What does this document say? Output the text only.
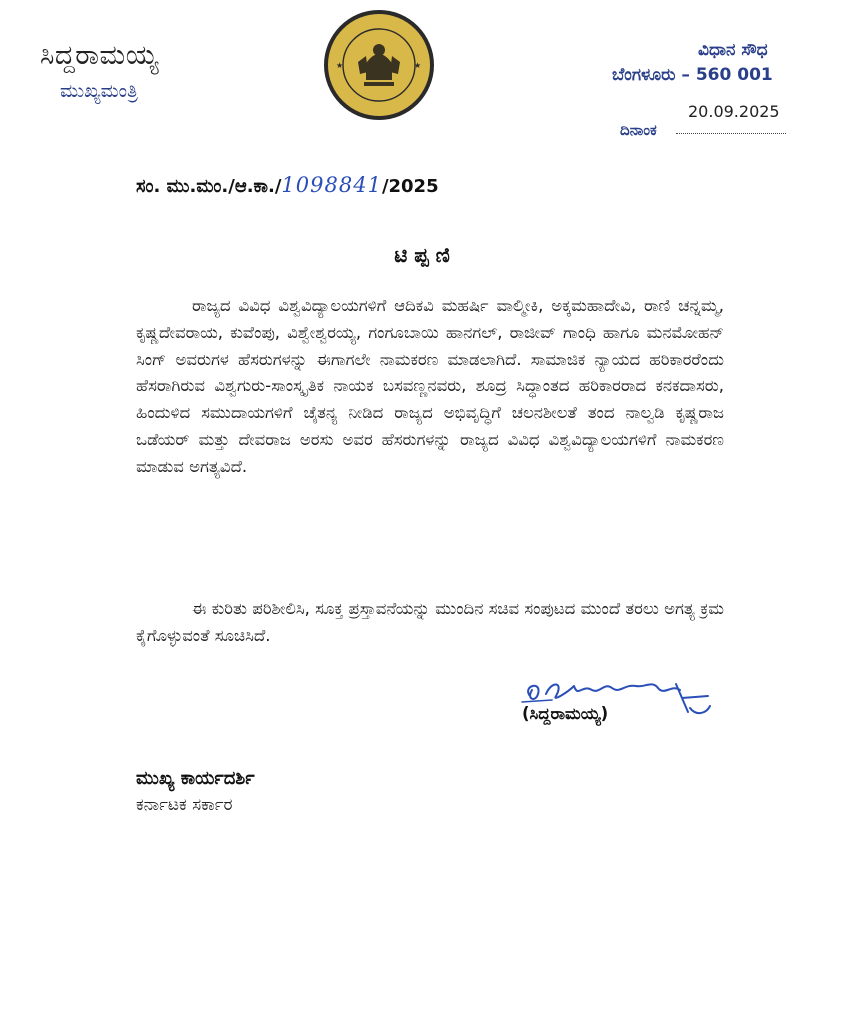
ಸಿದ್ದರಾಮಯ್ಯ
ಮುಖ್ಯಮಂತ್ರಿ
★	★
ವಿಧಾನ ಸೌಧ
ಬೆಂಗಳೂರು – 560 001
20.09.2025
ದಿನಾಂಕ
ಸಂ. ಮು.ಮಂ./ಆ.ಕಾ./1098841/2025
ಟಿ ಪ್ಪ ಣಿ
ರಾಜ್ಯದ ವಿವಿಧ ವಿಶ್ವವಿದ್ಯಾಲಯಗಳಿಗೆ ಆದಿಕವಿ ಮಹರ್ಷಿ ವಾಲ್ಮೀಕಿ, ಅಕ್ಕಮಹಾದೇವಿ, ರಾಣಿ ಚನ್ನಮ್ಮ, ಕೃಷ್ಣದೇವರಾಯ, ಕುವೆಂಪು, ವಿಶ್ವೇಶ್ವರಯ್ಯ, ಗಂಗೂಬಾಯಿ ಹಾನಗಲ್, ರಾಜೀವ್ ಗಾಂಧಿ ಹಾಗೂ ಮನಮೋಹನ್ ಸಿಂಗ್ ಅವರುಗಳ ಹೆಸರುಗಳನ್ನು ಈಗಾಗಲೇ ನಾಮಕರಣ ಮಾಡಲಾಗಿದೆ. ಸಾಮಾಜಿಕ ನ್ಯಾಯದ ಹರಿಕಾರರೆಂದು ಹೆಸರಾಗಿರುವ ವಿಶ್ವಗುರು-ಸಾಂಸ್ಕೃತಿಕ ನಾಯಕ ಬಸವಣ್ಣನವರು, ಶೂದ್ರ ಸಿದ್ಧಾಂತದ ಹರಿಕಾರರಾದ ಕನಕದಾಸರು, ಹಿಂದುಳಿದ ಸಮುದಾಯಗಳಿಗೆ ಚೈತನ್ಯ ನೀಡಿದ ರಾಜ್ಯದ ಅಭಿವೃದ್ಧಿಗೆ ಚಲನಶೀಲತೆ ತಂದ ನಾಲ್ವಡಿ ಕೃಷ್ಣರಾಜ ಒಡೆಯರ್ ಮತ್ತು ದೇವರಾಜ ಅರಸು ಅವರ ಹೆಸರುಗಳನ್ನು ರಾಜ್ಯದ ವಿವಿಧ ವಿಶ್ವವಿದ್ಯಾಲಯಗಳಿಗೆ ನಾಮಕರಣ ಮಾಡುವ ಅಗತ್ಯವಿದೆ.
ಈ ಕುರಿತು ಪರಿಶೀಲಿಸಿ, ಸೂಕ್ತ ಪ್ರಸ್ತಾವನೆಯನ್ನು ಮುಂದಿನ ಸಚಿವ ಸಂಪುಟದ ಮುಂದೆ ತರಲು ಅಗತ್ಯ ಕ್ರಮ ಕೈಗೊಳ್ಳುವಂತೆ ಸೂಚಿಸಿದೆ.
(ಸಿದ್ದರಾಮಯ್ಯ)
ಮುಖ್ಯ ಕಾರ್ಯದರ್ಶಿ
ಕರ್ನಾಟಕ ಸರ್ಕಾರ
